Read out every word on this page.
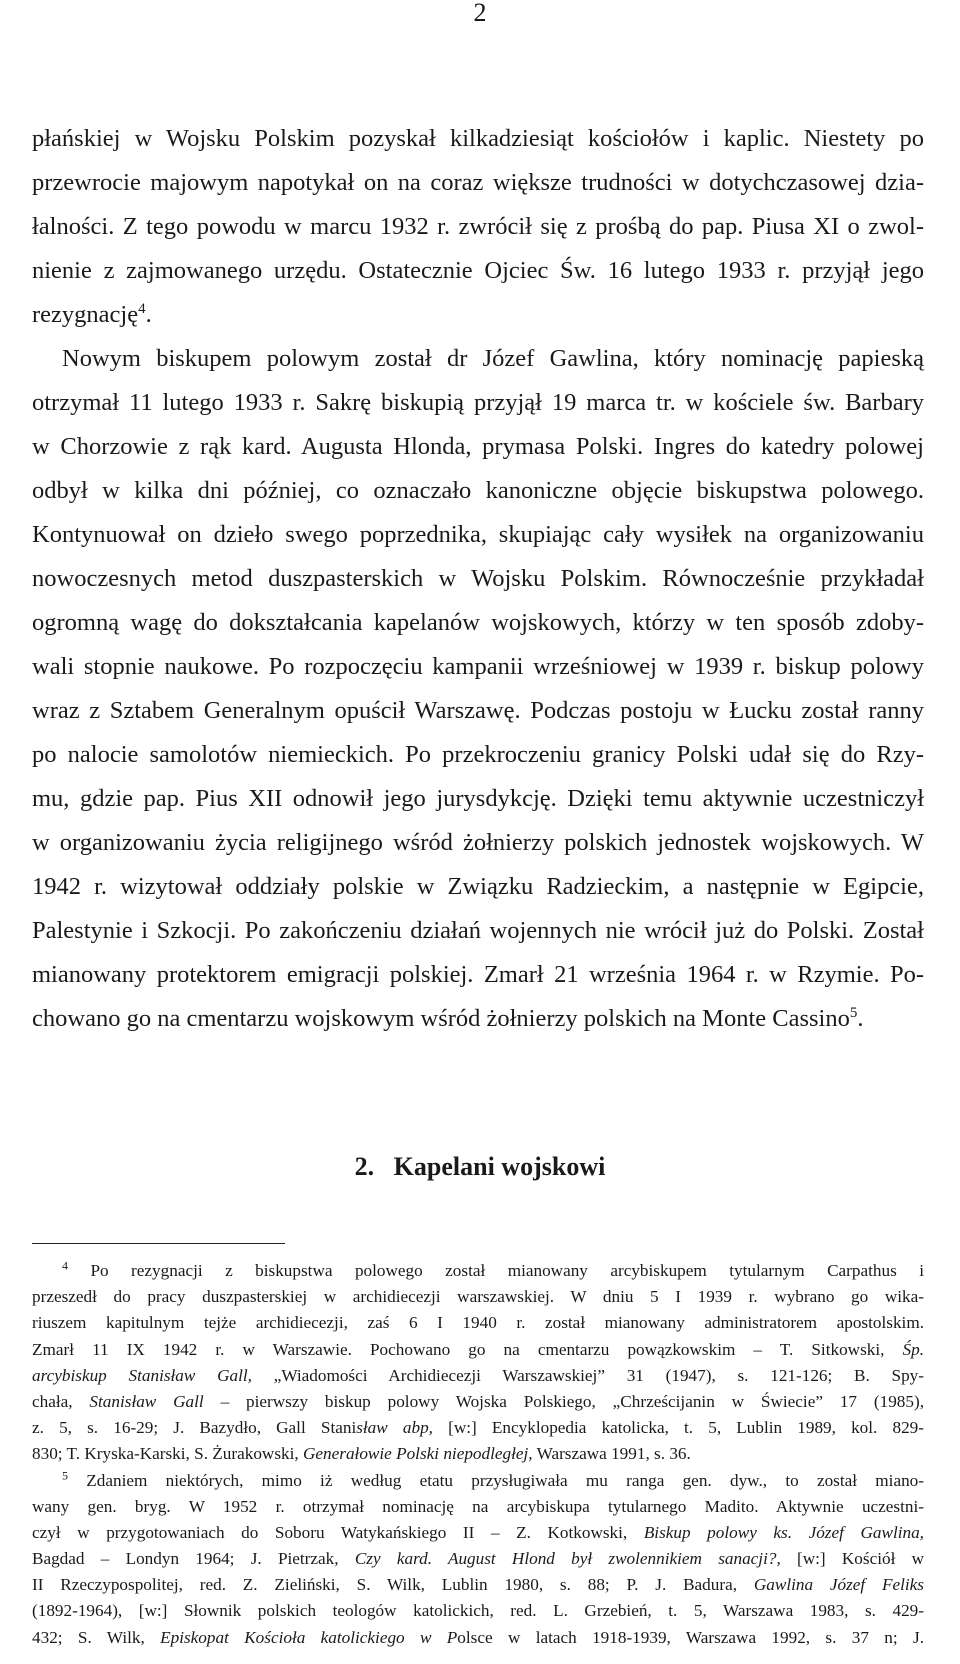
2
płańskiej w Wojsku Polskim pozyskał kilkadziesiąt kościołów i kaplic. Niestety po
przewrocie majowym napotykał on na coraz większe trudności w dotychczasowej dzia-
łalności. Z tego powodu w marcu 1932 r. zwrócił się z prośbą do pap. Piusa XI o zwol-
nienie z zajmowanego urzędu. Ostatecznie Ojciec Św. 16 lutego 1933 r. przyjął jego
rezygnację$^4$.
Nowym biskupem polowym został dr Józef Gawlina, który nominację papieską
otrzymał 11 lutego 1933 r. Sakrę biskupią przyjął 19 marca tr. w kościele św. Barbary
w Chorzowie z rąk kard. Augusta Hlonda, prymasa Polski. Ingres do katedry polowej
odbył w kilka dni później, co oznaczało kanoniczne objęcie biskupstwa polowego.
Kontynuował on dzieło swego poprzednika, skupiając cały wysiłek na organizowaniu
nowoczesnych metod duszpasterskich w Wojsku Polskim. Równocześnie przykładał
ogromną wagę do dokształcania kapelanów wojskowych, którzy w ten sposób zdoby-
wali stopnie naukowe. Po rozpoczęciu kampanii wrześniowej w 1939 r. biskup polowy
wraz z Sztabem Generalnym opuścił Warszawę. Podczas postoju w Łucku został ranny
po nalocie samolotów niemieckich. Po przekroczeniu granicy Polski udał się do Rzy-
mu, gdzie pap. Pius XII odnowił jego jurysdykcję. Dzięki temu aktywnie uczestniczył
w organizowaniu życia religijnego wśród żołnierzy polskich jednostek wojskowych. W
1942 r. wizytował oddziały polskie w Związku Radzieckim, a następnie w Egipcie,
Palestynie i Szkocji. Po zakończeniu działań wojennych nie wrócił już do Polski. Został
mianowany protektorem emigracji polskiej. Zmarł 21 września 1964 r. w Rzymie. Po-
chowano go na cmentarzu wojskowym wśród żołnierzy polskich na Monte Cassino$^5$.
2.   Kapelani wojskowi
$^4$ Po rezygnacji z biskupstwa polowego został mianowany arcybiskupem tytularnym Carpathus i
przeszedł do pracy duszpasterskiej w archidiecezji warszawskiej. W dniu 5 I 1939 r. wybrano go wika-
riuszem kapitulnym tejże archidiecezji, zaś 6 I 1940 r. został mianowany administratorem apostolskim.
Zmarł 11 IX 1942 r. w Warszawie. Pochowano go na cmentarzu powązkowskim – T. Sitkowski, Śp.
arcybiskup Stanisław Gall, „Wiadomości Archidiecezji Warszawskiej” 31 (1947), s. 121-126; B. Spy-
chała, Stanisław Gall – pierwszy biskup polowy Wojska Polskiego, „Chrześcijanin w Świecie” 17 (1985),
z. 5, s. 16-29; J. Bazydło, Gall Stanisław abp, [w:] Encyklopedia katolicka, t. 5, Lublin 1989, kol. 829-
830; T. Kryska-Karski, S. Żurakowski, Generałowie Polski niepodległej, Warszawa 1991, s. 36.
$^5$ Zdaniem niektórych, mimo iż według etatu przysługiwała mu ranga gen. dyw., to został miano-
wany gen. bryg. W 1952 r. otrzymał nominację na arcybiskupa tytularnego Madito. Aktywnie uczestni-
czył w przygotowaniach do Soboru Watykańskiego II – Z. Kotkowski, Biskup polowy ks. Józef Gawlina,
Bagdad – Londyn 1964; J. Pietrzak, Czy kard. August Hlond był zwolennikiem sanacji?, [w:] Kościół w
II Rzeczypospolitej, red. Z. Zieliński, S. Wilk, Lublin 1980, s. 88; P. J. Badura, Gawlina Józef Feliks
(1892-1964), [w:] Słownik polskich teologów katolickich, red. L. Grzebień, t. 5, Warszawa 1983, s. 429-
432; S. Wilk, Episkopat Kościoła katolickiego w Polsce w latach 1918-1939, Warszawa 1992, s. 37 n; J.
